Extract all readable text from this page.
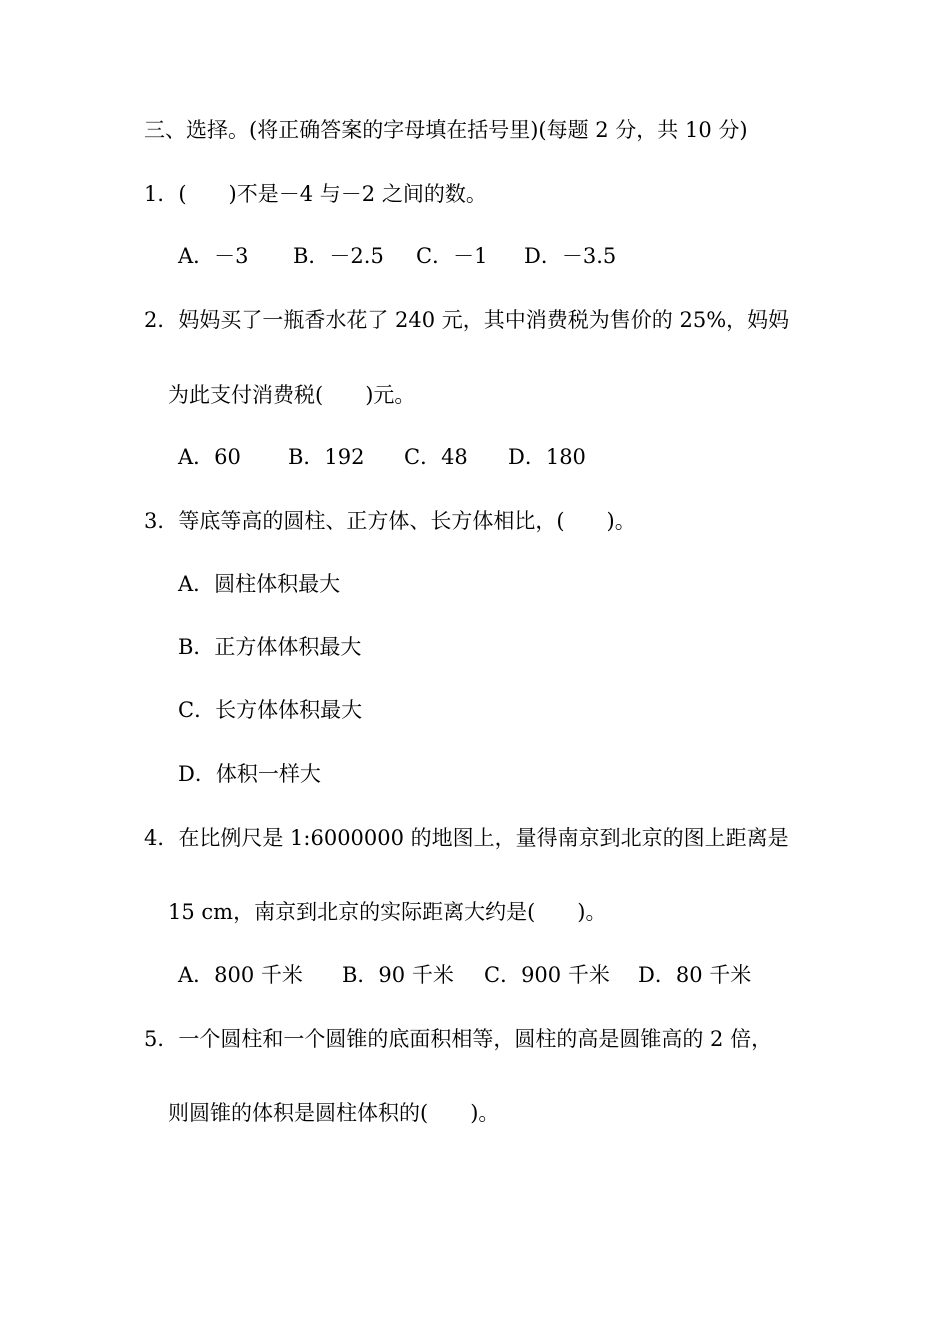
三、选择。(将正确答案的字母填在括号里)(每题 2 分，共 10 分)

1．(　　)不是－4 与－2 之间的数。

A．－3 B．－2.5 C．－1 D．－3.5

2．妈妈买了一瓶香水花了 240 元，其中消费税为售价的 25%，妈妈

为此支付消费税(　　)元。

A．60 B．192 C．48 D．180

3．等底等高的圆柱、正方体、长方体相比，(　　)。

A．圆柱体积最大
B．正方体体积最大
C．长方体体积最大
D．体积一样大

4．在比例尺是 1:6000000 的地图上，量得南京到北京的图上距离是

15 cm，南京到北京的实际距离大约是(　　)。

A．800 千米 B．90 千米 C．900 千米 D．80 千米

5．一个圆柱和一个圆锥的底面积相等，圆柱的高是圆锥高的 2 倍，

则圆锥的体积是圆柱体积的(　　)。
